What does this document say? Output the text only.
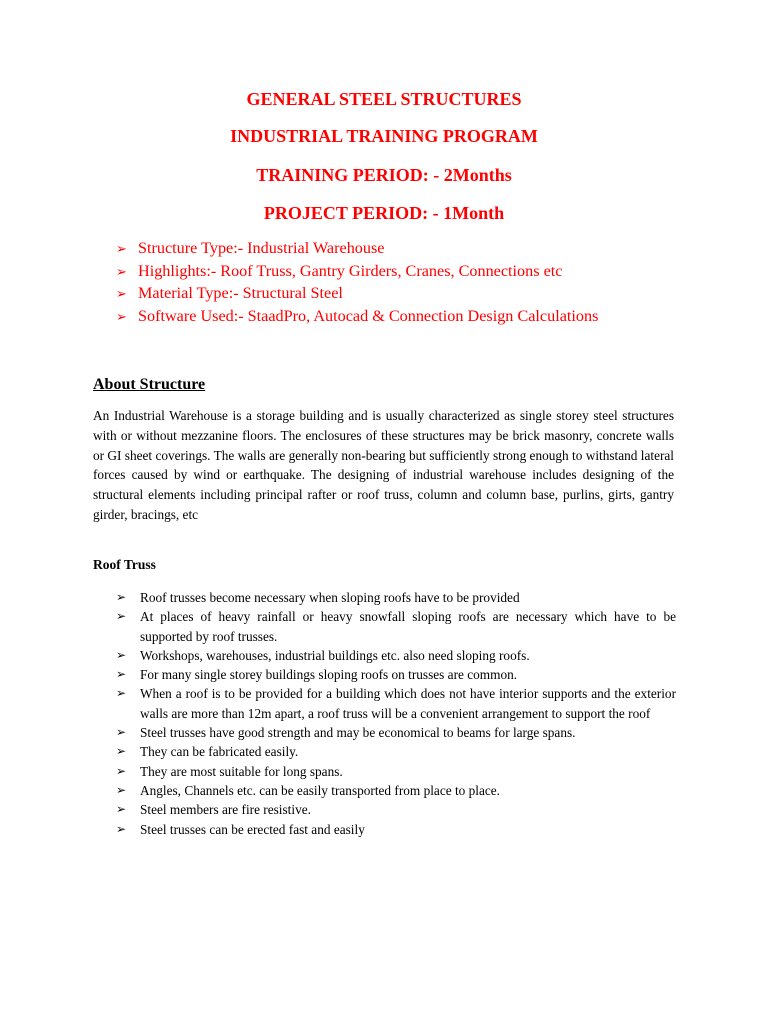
GENERAL STEEL STRUCTURES
INDUSTRIAL TRAINING PROGRAM
TRAINING PERIOD: - 2Months
PROJECT PERIOD: - 1Month
➢ Structure Type:- Industrial Warehouse
➢ Highlights:- Roof Truss, Gantry Girders, Cranes, Connections etc
➢ Material Type:- Structural Steel
➢ Software Used:- StaadPro, Autocad & Connection Design Calculations
About Structure
An Industrial Warehouse is a storage building and is usually characterized as single storey steel structures with or without mezzanine floors. The enclosures of these structures may be brick masonry, concrete walls or GI sheet coverings. The walls are generally non-bearing but sufficiently strong enough to withstand lateral forces caused by wind or earthquake. The designing of industrial warehouse includes designing of the structural elements including principal rafter or roof truss, column and column base, purlins, girts, gantry girder, bracings, etc
Roof Truss
➢	Roof trusses become necessary when sloping roofs have to be provided
➢	At places of heavy rainfall or heavy snowfall sloping roofs are necessary which have to be supported by roof trusses.
➢	Workshops, warehouses, industrial buildings etc. also need sloping roofs.
➢	For many single storey buildings sloping roofs on trusses are common.
➢	When a roof is to be provided for a building which does not have interior supports and the exterior walls are more than 12m apart, a roof truss will be a convenient arrangement to support the roof
➢	Steel trusses have good strength and may be economical to beams for large spans.
➢	They can be fabricated easily.
➢	They are most suitable for long spans.
➢	Angles, Channels etc. can be easily transported from place to place.
➢	Steel members are fire resistive.
➢	Steel trusses can be erected fast and easily
